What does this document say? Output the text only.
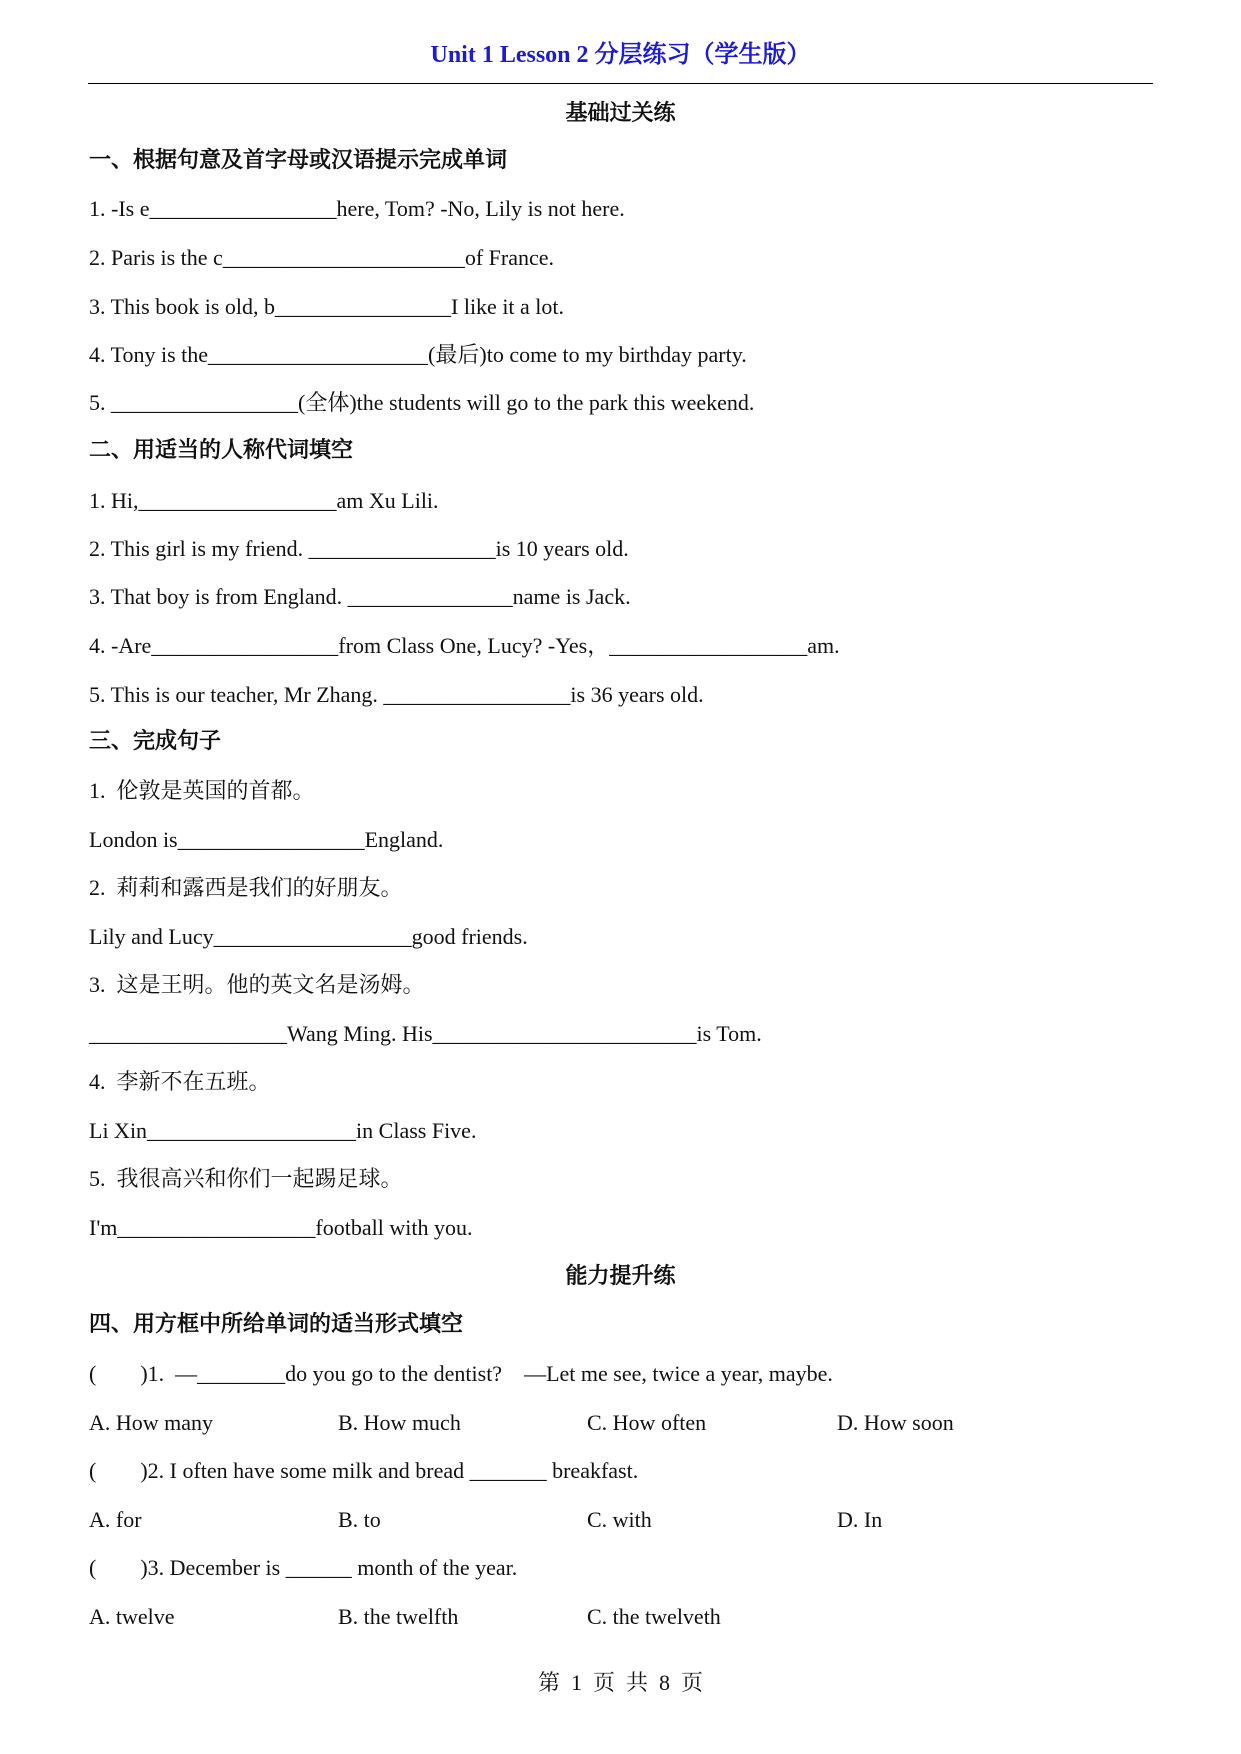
Unit 1 Lesson 2 分层练习（学生版）
基础过关练
一、根据句意及首字母或汉语提示完成单词
1. -Is e_________________here, Tom? -No, Lily is not here.
2. Paris is the c______________________of France.
3. This book is old, b________________I like it a lot.
4. Tony is the____________________(最后)to come to my birthday party.
5. _________________(全体)the students will go to the park this weekend.
二、用适当的人称代词填空
1. Hi,__________________am Xu Lili.
2. This girl is my friend. _________________is 10 years old.
3. That boy is from England. _______________name is Jack.
4. -Are_________________from Class One, Lucy? -Yes，__________________am.
5. This is our teacher, Mr Zhang. _________________is 36 years old.
三、完成句子
1.  伦敦是英国的首都。
London is_________________England.
2.  莉莉和露西是我们的好朋友。
Lily and Lucy__________________good friends.
3.  这是王明。他的英文名是汤姆。
__________________Wang Ming. His________________________is Tom.
4.  李新不在五班。
Li Xin___________________in Class Five.
5.  我很高兴和你们一起踢足球。
I'm__________________football with you.
能力提升练
四、用方框中所给单词的适当形式填空
(        )1.  —________do you go to the dentist?    —Let me see, twice a year, maybe.
A. How many	B. How much	C. How often	D. How soon
(        )2. I often have some milk and bread _______ breakfast.
A. for	B. to	C. with	D. In
(        )3. December is ______ month of the year.
A. twelve	B. the twelfth	C. the twelveth
第  1  页  共  8  页
